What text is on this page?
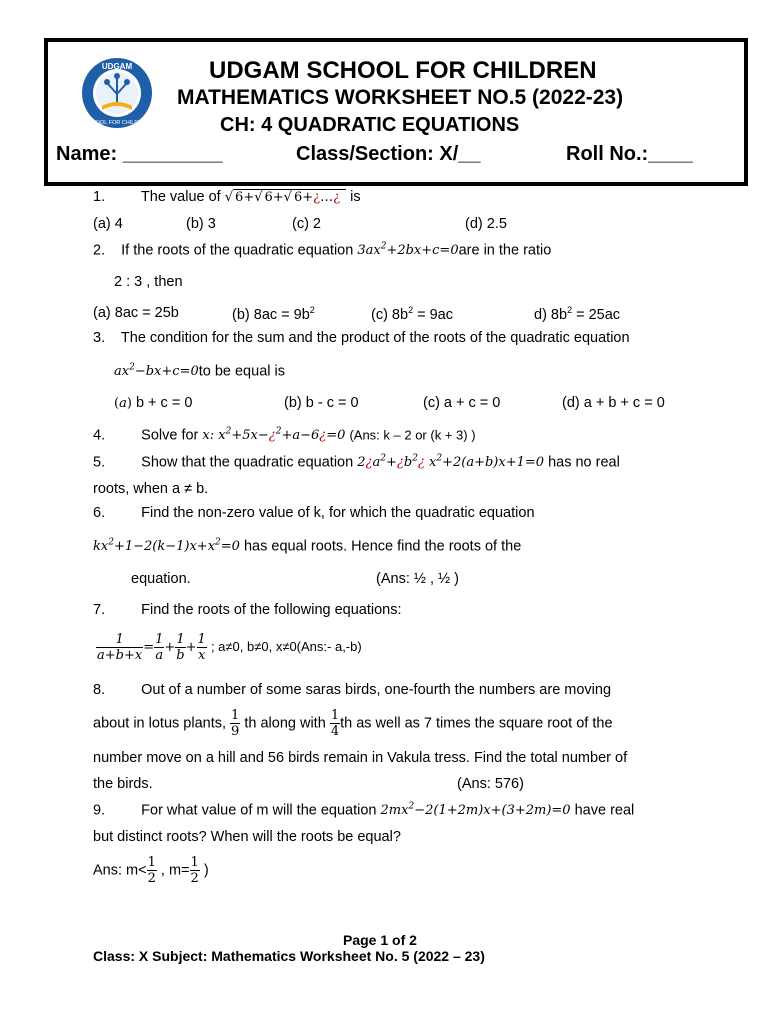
UDGAM
SCHOOL FOR CHILDREN
UDGAM SCHOOL FOR CHILDREN
MATHEMATICS WORKSHEET NO.5 (2022-23)
CH: 4 QUADRATIC EQUATIONS
Name: _________	Class/Section: X/__	Roll No.:____
1. The value of √ 6+√ 6+√ 6+¿…¿ is
(a) 4	(b) 3	(c) 2	(d) 2.5
2. If the roots of the quadratic equation $3ax^2+2bx+c=0are$ in the ratio
2 : 3 , then
(a) 8ac = 25b	(b) $8ac = 9b^2$	(c) $8b^2 = 9ac$	d) $8b^2 = 25ac$
3. The condition for the sum and the product of the roots of the quadratic equation
$ax^2-bx+c=0to$ be equal is
(a) b + c = 0	(b) b - c = 0	(c) a + c = 0	(d) a + b + c = 0
4. Solve for x: $x^2+5x-¿^2+a-6¿=0$ (Ans: k – 2 or (k + 3) )
5. Show that the quadratic equation $2¿a^2+¿b^2¿$ $x^2+2(a+b)x+1=0$ has no real
roots, when a ≠ b.
6. Find the non-zero value of k, for which the quadratic equation
$kx^2+1-2(k-1)x+x^2=0$ has equal roots. Hence find the roots of the
equation.	(Ans: ½ , ½ )
7. Find the roots of the following equations:
$\frac{1}{a+b+x} = \frac{1}{a} + \frac{1}{b} + \frac{1}{x}$ ; a≠0, b≠0, x≠0(Ans:- a,-b)
8. Out of a number of some saras birds, one-fourth the numbers are moving
about in lotus plants, $\frac{1}{9}$ th along with $\frac{1}{4}$ th as well as 7 times the square root of the
number move on a hill and 56 birds remain in Vakula tress. Find the total number of
the birds.	(Ans: 576)
9. For what value of m will the equation $2mx^2-2(1+2m)x+(3+2m)=0$ have real
but distinct roots? When will the roots be equal?
Ans: $m< \frac{1}{2}$ , $m= \frac{1}{2}$ )
Page 1 of 2
Class: X Subject: Mathematics Worksheet No. 5 (2022 – 23)
